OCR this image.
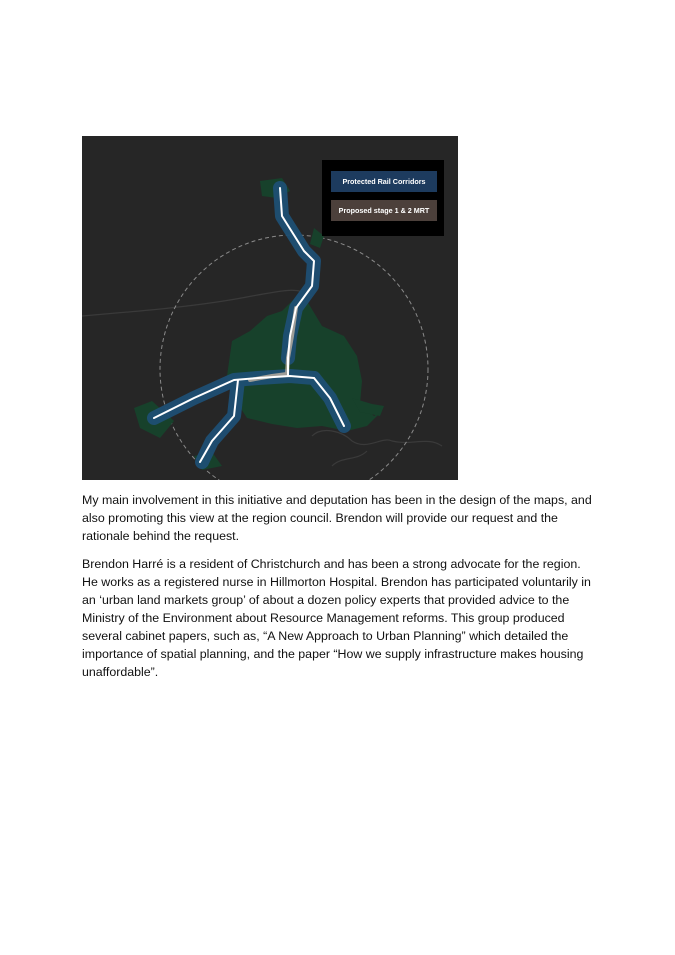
Protected Rail Corridors
Proposed stage 1 & 2 MRT
My main involvement in this initiative and deputation has been in the design of the maps, and also promoting this view at the region council. Brendon will provide our request and the rationale behind the request.
Brendon Harré is a resident of Christchurch and has been a strong advocate for the region. He works as a registered nurse in Hillmorton Hospital. Brendon has participated voluntarily in an ‘urban land markets group’ of about a dozen policy experts that provided advice to the Ministry of the Environment about Resource Management reforms. This group produced several cabinet papers, such as, “A New Approach to Urban Planning” which detailed the importance of spatial planning, and the paper “How we supply infrastructure makes housing unaffordable”.
